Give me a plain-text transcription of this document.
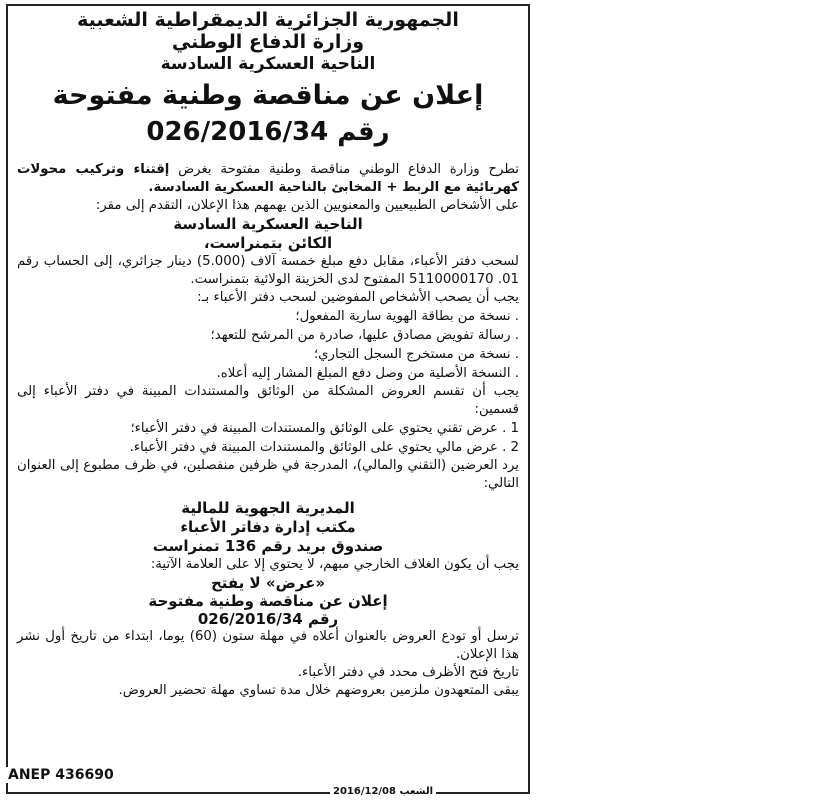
الجمهورية الجزائرية الديمقراطية الشعبية
وزارة الدفاع الوطني
الناحية العسكرية السادسة
إعلان عن مناقصة وطنية مفتوحة
رقم 026/2016/34
تطرح وزارة الدفاع الوطني مناقصة وطنية مفتوحة بغرض إقتناء وتركيب محولات كهربائية مع الربط + المخابئ بالناحية العسكرية السادسة.
على الأشخاص الطبيعيين والمعنويين الذين يهمهم هذا الإعلان، التقدم إلى مقر:
الناحية العسكرية السادسة
الكائن بتمنراست،
لسحب دفتر الأعباء، مقابل دفع مبلغ خمسة آلاف (5.000) دينار جزائري، إلى الحساب رقم 01. 5110000170 المفتوح لدى الخزينة الولائية بتمنراست.
يجب أن يصحب الأشخاص المفوضين لسحب دفتر الأعباء بـ:
. نسخة من بطاقة الهوية سارية المفعول؛
. رسالة تفويض مصادق عليها، صادرة من المرشح للتعهد؛
. نسخة من مستخرج السجل التجاري؛
. النسخة الأصلية من وصل دفع المبلغ المشار إليه أعلاه.
يجب أن تقسم العروض المشكلة من الوثائق والمستندات المبينة في دفتر الأعباء إلى قسمين:
1 . عرض تقني يحتوي على الوثائق والمستندات المبينة في دفتر الأعباء؛
2 . عرض مالي يحتوي على الوثائق والمستندات المبينة في دفتر الأعباء.
يرد العرضين (التقني والمالي)، المدرجة في ظرفين منفصلين، في ظرف مطبوع إلى العنوان التالي:
المديرية الجهوية للمالية
مكتب إدارة دفاتر الأعباء
صندوق بريد رقم 136 تمنراست
يجب أن يكون الغلاف الخارجي مبهم، لا يحتوي إلا على العلامة الآتية:
«عرض» لا يفتح
إعلان عن مناقصة وطنية مفتوحة
رقم 026/2016/34
ترسل أو تودع العروض بالعنوان أعلاه في مهلة ستون (60) يوما، ابتداء من تاريخ أول نشر هذا الإعلان.
تاريخ فتح الأظرف محدد في دفتر الأعباء.
يبقى المتعهدون ملزمين بعروضهم خلال مدة تساوي مهلة تحضير العروض.
ANEP 436690
الشعب 2016/12/08
